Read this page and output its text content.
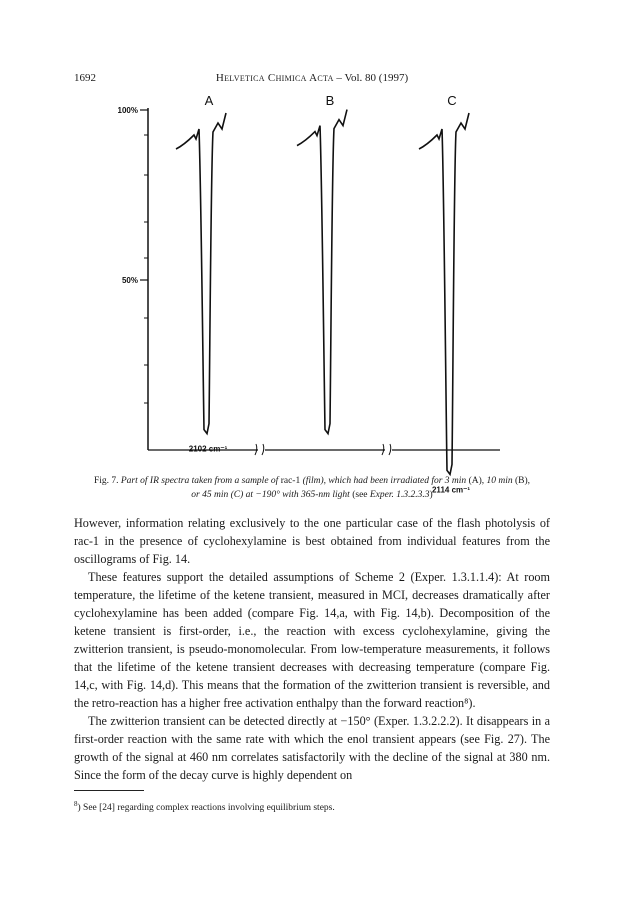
1692	Helvetica Chimica Acta – Vol. 80 (1997)
100%
50%
A
2102 cm⁻¹
B	C
2114 cm⁻¹
Fig. 7. Part of IR spectra taken from a sample of rac-1 (film), which had been irradiated for 3 min (A), 10 min (B),
or 45 min (C) at −190° with 365-nm light (see Exper. 1.3.2.3.3)

However, information relating exclusively to the one particular case of the flash photolysis of rac-1 in the presence of cyclohexylamine is best obtained from individual features from the oscillograms of Fig. 14.

These features support the detailed assumptions of Scheme 2 (Exper. 1.3.1.1.4): At room temperature, the lifetime of the ketene transient, measured in MCI, decreases dramatically after cyclohexylamine has been added (compare Fig. 14,a, with Fig. 14,b). Decomposition of the ketene transient is first-order, i.e., the reaction with excess cyclohexylamine, giving the zwitterion transient, is pseudo-monomolecular. From low-temperature measurements, it follows that the lifetime of the ketene transient decreases with decreasing temperature (compare Fig. 14,c, with Fig. 14,d). This means that the formation of the zwitterion transient is reversible, and the retro-reaction has a higher free activation enthalpy than the forward reaction⁸).

The zwitterion transient can be detected directly at −150° (Exper. 1.3.2.2.2). It disappears in a first-order reaction with the same rate with which the enol transient appears (see Fig. 27). The growth of the signal at 460 nm correlates satisfactorily with the decline of the signal at 380 nm. Since the form of the decay curve is highly dependent on

$^8$) See [24] regarding complex reactions involving equilibrium steps.
